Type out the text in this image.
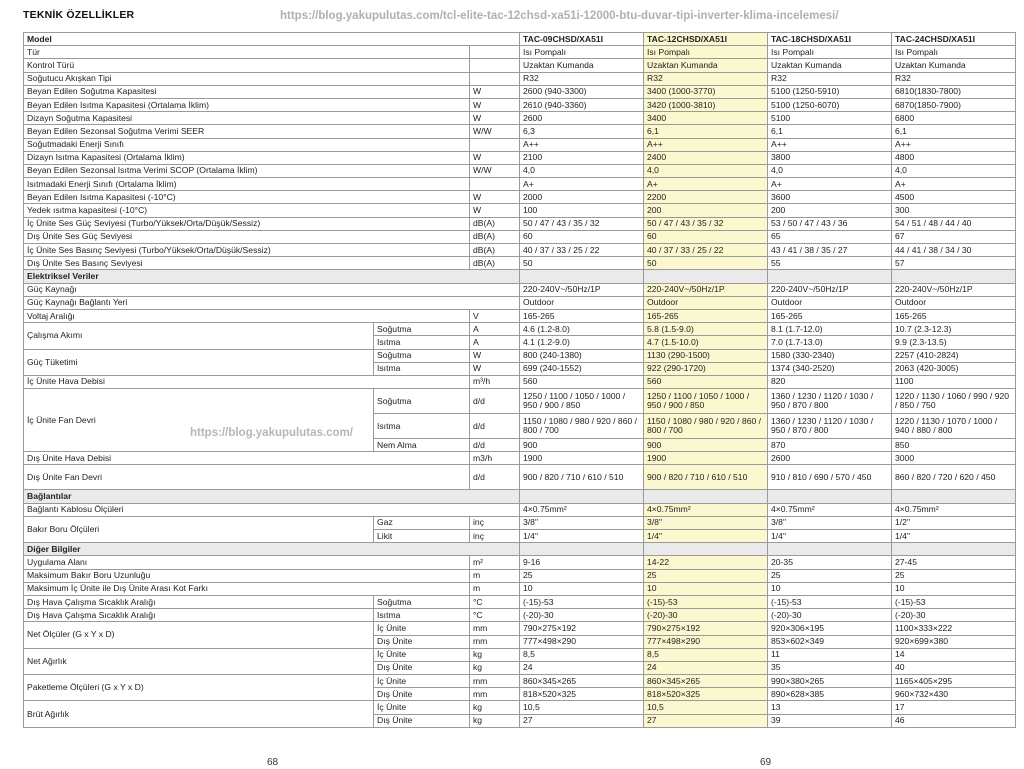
TEKNİK ÖZELLİKLER	https://blog.yakupulutas.com/tcl-elite-tac-12chsd-xa51i-12000-btu-duvar-tipi-inverter-klima-incelemesi/
Model			TAC-09CHSD/XA51I	TAC-12CHSD/XA51I	TAC-18CHSD/XA51I	TAC-24CHSD/XA51I
Tür			Isı Pompalı	Isı Pompalı	Isı Pompalı	Isı Pompalı
Kontrol Türü			Uzaktan Kumanda	Uzaktan Kumanda	Uzaktan Kumanda	Uzaktan Kumanda
Soğutucu Akışkan Tipi			R32	R32	R32	R32
Beyan Edilen Soğutma Kapasitesi		W	2600 (940-3300)	3400 (1000-3770)	5100 (1250-5910)	6810(1830-7800)
Beyan Edilen Isıtma Kapasitesi (Ortalama İklim)		W	2610 (940-3360)	3420 (1000-3810)	5100 (1250-6070)	6870(1850-7900)
Dizayn Soğutma Kapasitesi		W	2600	3400	5100	6800
Beyan Edilen Sezonsal Soğutma Verimi SEER		W/W	6,3	6,1	6,1	6,1
Soğutmadaki Enerji Sınıfı			A++	A++	A++	A++
Dizayn Isıtma Kapasitesi (Ortalama İklim)		W	2100	2400	3800	4800
Beyan Edilen Sezonsal Isıtma Verimi SCOP (Ortalama İklim)		W/W	4,0	4,0	4,0	4,0
Isıtmadaki Enerji Sınıfı (Ortalama İklim)			A+	A+	A+	A+
Beyan Edilen Isıtma Kapasitesi (-10°C)		W	2000	2200	3600	4500
Yedek ısıtma kapasitesi (-10°C)		W	100	200	200	300
İç Ünite Ses Güç Seviyesi (Turbo/Yüksek/Orta/Düşük/Sessiz)		dB(A)	50 / 47 / 43 / 35 / 32	50 / 47 / 43 / 35 / 32	53 / 50 / 47 / 43 / 36	54 / 51 / 48 / 44 / 40
Dış Ünite Ses Güç Seviyesi		dB(A)	60	60	65	67
İç Ünite Ses Basınç Seviyesi (Turbo/Yüksek/Orta/Düşük/Sessiz)		dB(A)	40 / 37 / 33 / 25 / 22	40 / 37 / 33 / 25 / 22	43 / 41 / 38 / 35 / 27	44 / 41 / 38 / 34 / 30
Dış Ünite Ses Basınç Seviyesi		dB(A)	50	50	55	57
Elektriksel Veriler						
Güç Kaynağı			220-240V~/50Hz/1P	220-240V~/50Hz/1P	220-240V~/50Hz/1P	220-240V~/50Hz/1P
Güç Kaynağı Bağlantı Yeri			Outdoor	Outdoor	Outdoor	Outdoor
Voltaj Aralığı		V	165-265	165-265	165-265	165-265
Çalışma Akımı	Soğutma	A	4.6 (1.2-8.0)	5.8 (1.5-9.0)	8.1 (1.7-12.0)	10.7 (2.3-12.3)
	Isıtma	A	4.1 (1.2-9.0)	4.7 (1.5-10.0)	7.0 (1.7-13.0)	9.9 (2.3-13.5)
Güç Tüketimi	Soğutma	W	800 (240-1380)	1130 (290-1500)	1580 (330-2340)	2257 (410-2824)
	Isıtma	W	699 (240-1552)	922 (290-1720)	1374 (340-2520)	2063 (420-3005)
İç Ünite Hava Debisi		m³/h	560	560	820	1100
İç Ünite Fan Devri	Soğutma	d/d	1250 / 1100 / 1050 / 1000 / 950 / 900 / 850	1250 / 1100 / 1050 / 1000 / 950 / 900 / 850	1360 / 1230 / 1120 / 1030 / 950 / 870 / 800	1220 / 1130 / 1060 / 990 / 920 / 850 / 750
	Isıtma	d/d	1150 / 1080 / 980 / 920 / 860 / 800 / 700	1150 / 1080 / 980 / 920 / 860 / 800 / 700	1360 / 1230 / 1120 / 1030 / 950 / 870 / 800	1220 / 1130 / 1070 / 1000 / 940 / 880 / 800
	Nem Alma	d/d	900	900	870	850
Dış Ünite Hava Debisi		m3/h	1900	1900	2600	3000
Dış Ünite Fan Devri		d/d	900 / 820 / 710 / 610 / 510	900 / 820 / 710 / 610 / 510	910 / 810 / 690 / 570 / 450	860 / 820 / 720 / 620 / 450
Bağlantılar						
Bağlantı Kablosu Ölçüleri			4×0.75mm²	4×0.75mm²	4×0.75mm²	4×0.75mm²
Bakır Boru Ölçüleri	Gaz	inç	3/8"	3/8"	3/8"	1/2"
	Likit	inç	1/4"	1/4"	1/4"	1/4"
Diğer Bilgiler						
Uygulama Alanı		m²	9-16	14-22	20-35	27-45
Maksimum Bakır Boru Uzunluğu		m	25	25	25	25
Maksimum İç Ünite ile Dış Ünite Arası Kot Farkı		m	10	10	10	10
Dış Hava Çalışma Sıcaklık Aralığı	Soğutma	°C	(-15)-53	(-15)-53	(-15)-53	(-15)-53
Dış Hava Çalışma Sıcaklık Aralığı	Isıtma	°C	(-20)-30	(-20)-30	(-20)-30	(-20)-30
Net Ölçüler (G x Y x D)	İç Ünite	mm	790×275×192	790×275×192	920×306×195	1100×333×222
	Dış Ünite	mm	777×498×290	777×498×290	853×602×349	920×699×380
Net Ağırlık	İç Ünite	kg	8,5	8,5	11	14
	Dış Ünite	kg	24	24	35	40
Paketleme Ölçüleri (G x Y x D)	İç Ünite	mm	860×345×265	860×345×265	990×380×265	1165×405×295
	Dış Ünite	mm	818×520×325	818×520×325	890×628×385	960×732×430
Brüt Ağırlık	İç Ünite	kg	10,5	10,5	13	17
	Dış Ünite	kg	27	27	39	46
https://blog.yakupulutas.com/
68	69
